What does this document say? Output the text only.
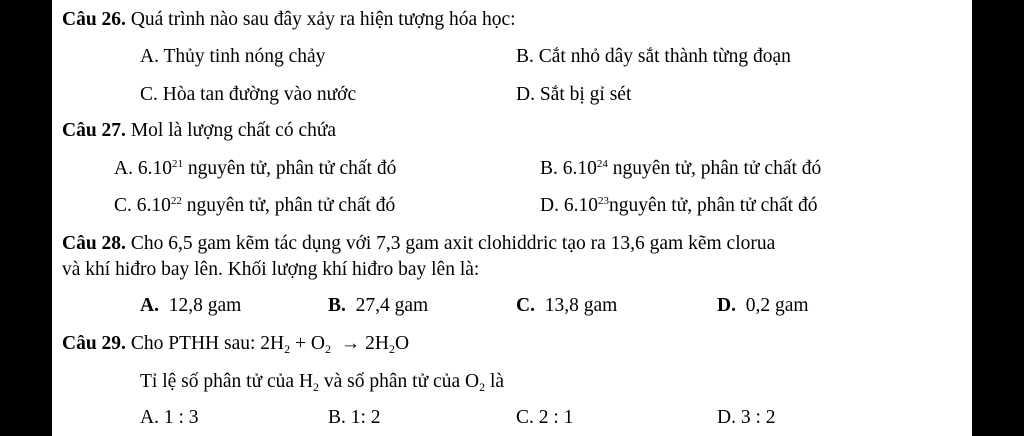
Câu 26. Quá trình nào sau đây xảy ra hiện tượng hóa học:
A. Thủy tinh nóng chảy	B. Cắt nhỏ dây sắt thành từng đoạn
C. Hòa tan đường vào nước	D. Sắt bị gỉ sét
Câu 27. Mol là lượng chất có chứa
A. 6.10$^{21}$ nguyên tử, phân tử chất đó	B. 6.10$^{24}$ nguyên tử, phân tử chất đó
C. 6.10$^{22}$ nguyên tử, phân tử chất đó	D. 6.10$^{23}$nguyên tử, phân tử chất đó
Câu 28. Cho 6,5 gam kẽm tác dụng với 7,3 gam axit clohiddric tạo ra 13,6 gam kẽm clorua
và khí hiđro bay lên. Khối lượng khí hiđro bay lên là:
A. 12,8 gam	B. 27,4 gam	C. 13,8 gam	D. 0,2 gam
Câu 29. Cho PTHH sau: $2H_2 + O_2 \to 2H_2O$
Tỉ lệ số phân tử của $H_2$ và số phân tử của $O_2$ là
A. 1 : 3	B. 1: 2	C. 2 : 1	D. 3 : 2
